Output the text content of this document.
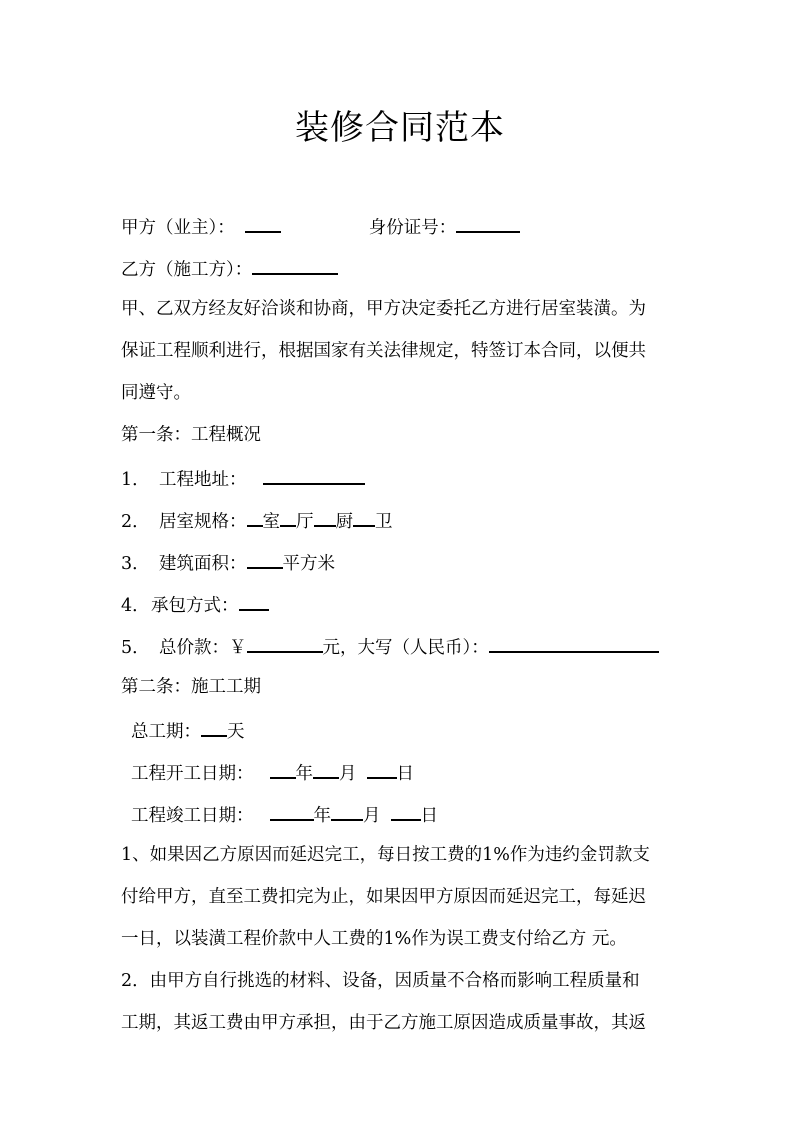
装修合同范本
甲方（业主）：	身份证号：
乙方（施工方）：
甲、乙双方经友好洽谈和协商，甲方决定委托乙方进行居室装潢。为
保证工程顺利进行，根据国家有关法律规定，特签订本合同，以便共
同遵守。
第一条：工程概况
1． 工程地址：
2． 居室规格： 室 厅 厨 卫
3． 建筑面积： 平方米
4．承包方式：
5． 总价款：￥	元，大写（人民币）：
第二条：施工工期
总工期： 天
工程开工日期： 年 月 日
工程竣工日期：	年 月 日
1、如果因乙方原因而延迟完工，每日按工费的1%作为违约金罚款支
付给甲方，直至工费扣完为止，如果因甲方原因而延迟完工，每延迟
一日，以装潢工程价款中人工费的1%作为误工费支付给乙方 元。
2．由甲方自行挑选的材料、设备，因质量不合格而影响工程质量和
工期，其返工费由甲方承担，由于乙方施工原因造成质量事故，其返
